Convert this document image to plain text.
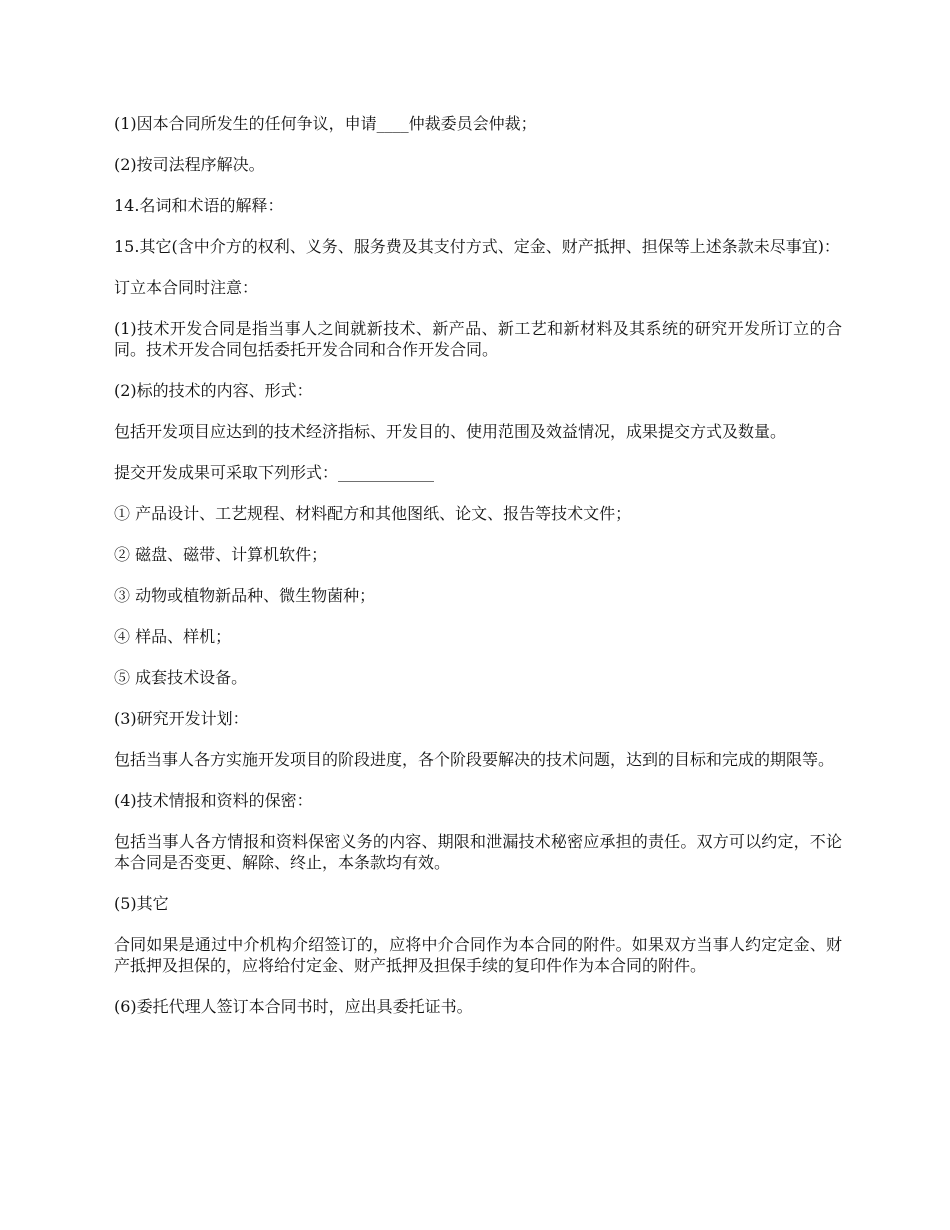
(1)因本合同所发生的任何争议，申请____仲裁委员会仲裁；

(2)按司法程序解决。

14.名词和术语的解释：

15.其它(含中介方的权利、义务、服务费及其支付方式、定金、财产抵押、担保等上述条款未尽事宜)：

订立本合同时注意：

(1)技术开发合同是指当事人之间就新技术、新产品、新工艺和新材料及其系统的研究开发所订立的合同。技术开发合同包括委托开发合同和合作开发合同。

(2)标的技术的内容、形式：

包括开发项目应达到的技术经济指标、开发目的、使用范围及效益情况，成果提交方式及数量。

提交开发成果可采取下列形式：____________

① 产品设计、工艺规程、材料配方和其他图纸、论文、报告等技术文件；

② 磁盘、磁带、计算机软件；

③ 动物或植物新品种、微生物菌种；

④ 样品、样机；

⑤ 成套技术设备。

(3)研究开发计划：

包括当事人各方实施开发项目的阶段进度，各个阶段要解决的技术问题，达到的目标和完成的期限等。

(4)技术情报和资料的保密：

包括当事人各方情报和资料保密义务的内容、期限和泄漏技术秘密应承担的责任。双方可以约定，不论本合同是否变更、解除、终止，本条款均有效。

(5)其它

合同如果是通过中介机构介绍签订的，应将中介合同作为本合同的附件。如果双方当事人约定定金、财产抵押及担保的，应将给付定金、财产抵押及担保手续的复印件作为本合同的附件。

(6)委托代理人签订本合同书时，应出具委托证书。
